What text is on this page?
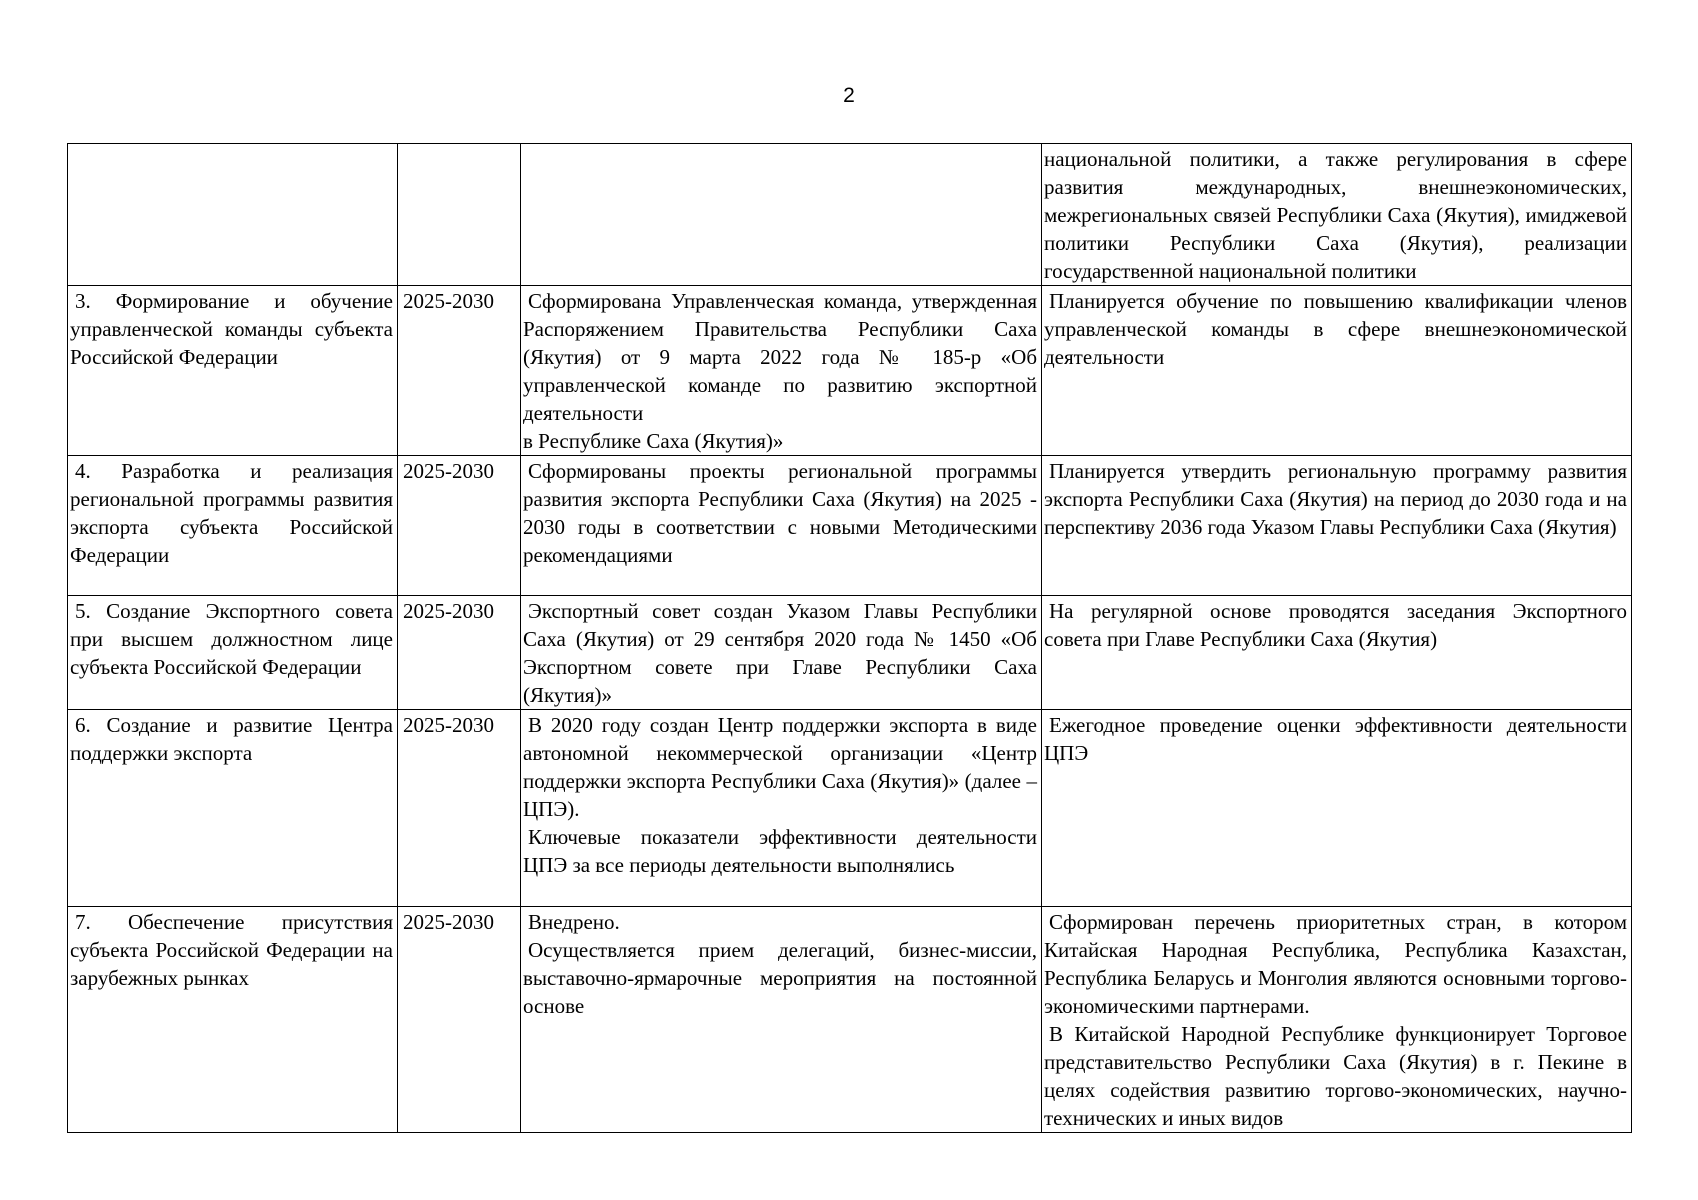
2

			национальной политики, а также регулирования в сфере развития международных, внешнеэкономических, межрегиональных связей Республики Саха (Якутия), имиджевой политики Республики Саха (Якутия), реализации государственной национальной политики

3. Формирование и обучение управленческой команды субъекта Российской Федерации	2025-2030	Сформирована Управленческая команда, утвержденная Распоряжением Правительства Республики Саха (Якутия) от 9 марта 2022 года № 185-р «Об управленческой команде по развитию экспортной деятельности
в Республике Саха (Якутия)»	Планируется обучение по повышению квалификации членов управленческой команды в сфере внешнеэкономической деятельности

4. Разработка и реализация региональной программы развития экспорта субъекта Российской Федерации	2025-2030	Сформированы проекты региональной программы развития экспорта Республики Саха (Якутия) на 2025 - 2030 годы в соответствии с новыми Методическими рекомендациями	Планируется утвердить региональную программу развития экспорта Республики Саха (Якутия) на период до 2030 года и на перспективу 2036 года Указом Главы Республики Саха (Якутия)

5. Создание Экспортного совета при высшем должностном лице субъекта Российской Федерации	2025-2030	Экспортный совет создан Указом Главы Республики Саха (Якутия) от 29 сентября 2020 года № 1450 «Об Экспортном совете при Главе Республики Саха (Якутия)»	На регулярной основе проводятся заседания Экспортного совета при Главе Республики Саха (Якутия)

6. Создание и развитие Центра поддержки экспорта	2025-2030	В 2020 году создан Центр поддержки экспорта в виде автономной некоммерческой организации «Центр поддержки экспорта Республики Саха (Якутия)» (далее – ЦПЭ).
Ключевые показатели эффективности деятельности ЦПЭ за все периоды деятельности выполнялись	Ежегодное проведение оценки эффективности деятельности ЦПЭ

7. Обеспечение присутствия субъекта Российской Федерации на зарубежных рынках	2025-2030	Внедрено.
Осуществляется прием делегаций, бизнес-миссии, выставочно-ярмарочные мероприятия на постоянной основе	Сформирован перечень приоритетных стран, в котором Китайская Народная Республика, Республика Казахстан, Республика Беларусь и Монголия являются основными торгово-экономическими партнерами.
В Китайской Народной Республике функционирует Торговое представительство Республики Саха (Якутия) в г. Пекине в целях содействия развитию торгово-экономических, научно-технических и иных видов
